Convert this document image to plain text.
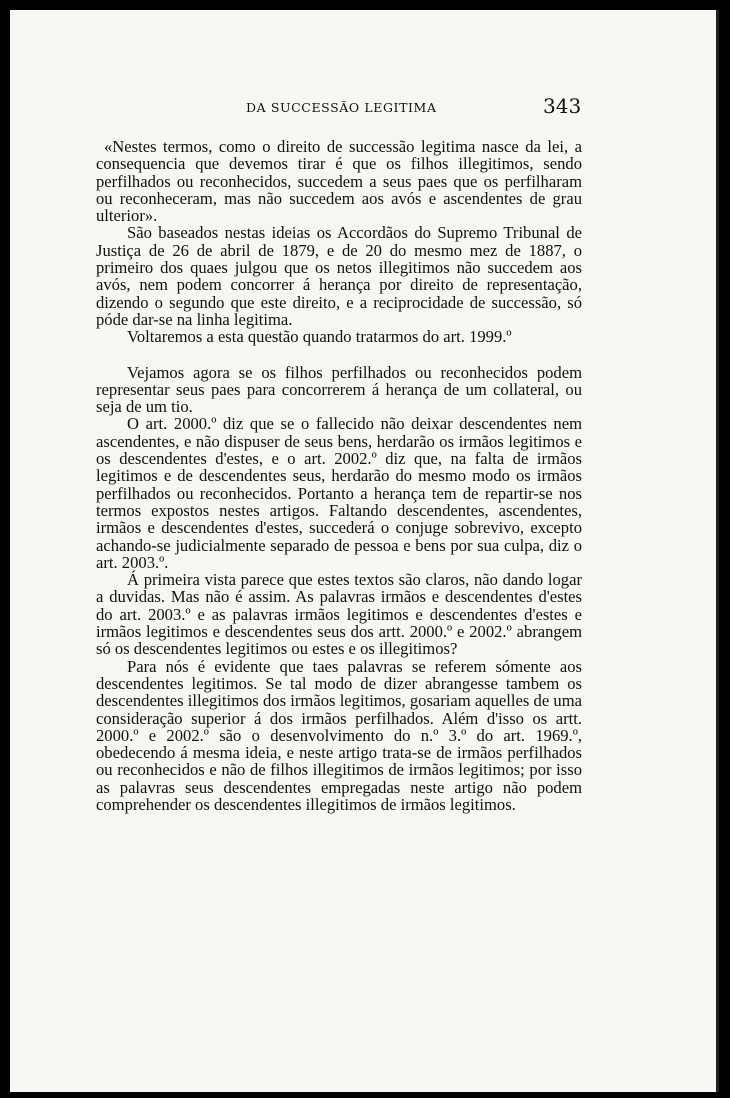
DA SUCCESSÃO LEGITIMA	343

«Nestes termos, como o direito de successão legitima nasce da lei, a consequencia que devemos tirar é que os filhos illegitimos, sendo perfilhados ou reconhecidos, succedem a seus paes que os perfilharam ou reconheceram, mas não succedem aos avós e ascendentes de grau ulterior».

São baseados nestas ideias os Accordãos do Supremo Tribunal de Justiça de 26 de abril de 1879, e de 20 do mesmo mez de 1887, o primeiro dos quaes julgou que os netos illegitimos não succedem aos avós, nem podem concorrer á herança por direito de representação, dizendo o segundo que este direito, e a reciprocidade de successão, só póde dar-se na linha legitima.

Voltaremos a esta questão quando tratarmos do art. 1999.º

Vejamos agora se os filhos perfilhados ou reconhecidos podem representar seus paes para concorrerem á herança de um collateral, ou seja de um tio.

O art. 2000.º diz que se o fallecido não deixar descendentes nem ascendentes, e não dispuser de seus bens, herdarão os irmãos legitimos e os descendentes d'estes, e o art. 2002.º diz que, na falta de irmãos legitimos e de descendentes seus, herdarão do mesmo modo os irmãos perfilhados ou reconhecidos. Portanto a herança tem de repartir-se nos termos expostos nestes artigos. Faltando descendentes, ascendentes, irmãos e descendentes d'estes, succederá o conjuge sobrevivo, excepto achando-se judicialmente separado de pessoa e bens por sua culpa, diz o art. 2003.º.

Á primeira vista parece que estes textos são claros, não dando logar a duvidas. Mas não é assim. As palavras irmãos e descendentes d'estes do art. 2003.º e as palavras irmãos legitimos e descendentes d'estes e irmãos legitimos e descendentes seus dos artt. 2000.º e 2002.º abrangem só os descendentes legitimos ou estes e os illegitimos?

Para nós é evidente que taes palavras se referem sómente aos descendentes legitimos. Se tal modo de dizer abrangesse tambem os descendentes illegitimos dos irmãos legitimos, gosariam aquelles de uma consideração superior á dos irmãos perfilhados. Além d'isso os artt. 2000.º e 2002.º são o desenvolvimento do n.º 3.º do art. 1969.º, obedecendo á mesma ideia, e neste artigo trata-se de irmãos perfilhados ou reconhecidos e não de filhos illegitimos de irmãos legitimos; por isso as palavras seus descendentes empregadas neste artigo não podem comprehender os descendentes illegitimos de irmãos legitimos.
